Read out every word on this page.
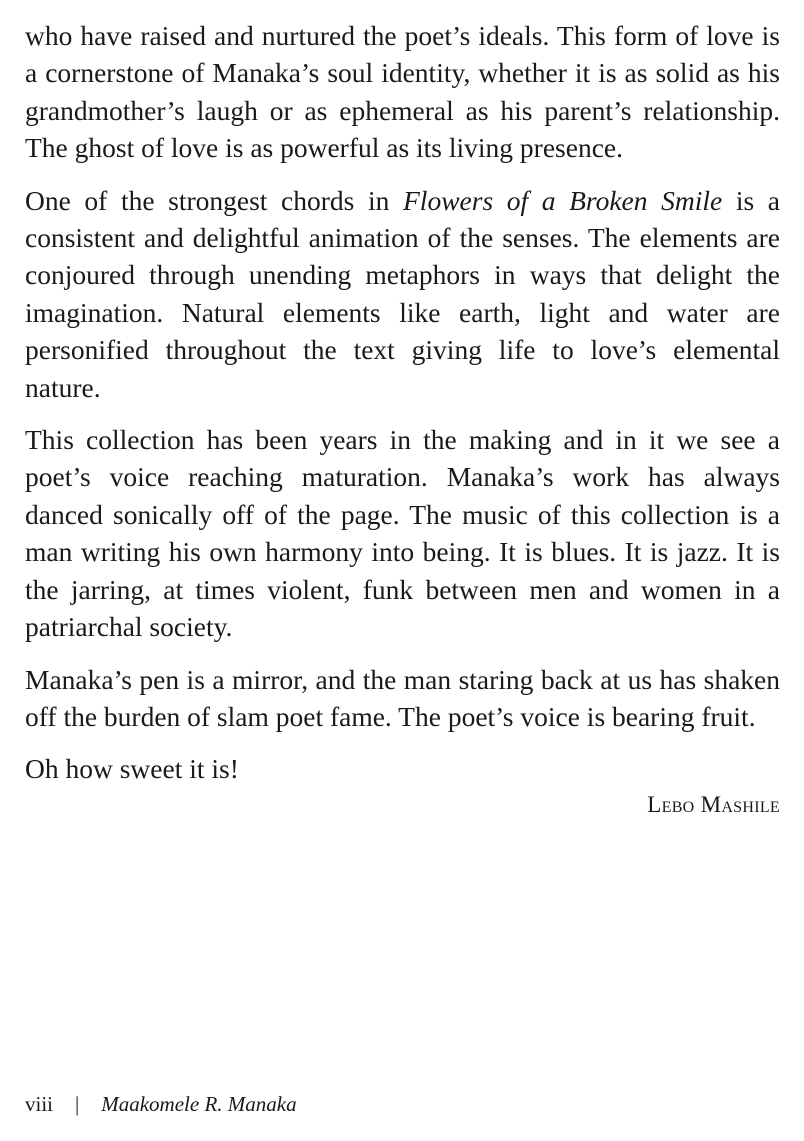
who have raised and nurtured the poet’s ideals. This form of love is a cornerstone of Manaka’s soul identity, whether it is as solid as his grandmother’s laugh or as ephemeral as his parent’s relationship. The ghost of love is as powerful as its living presence.

One of the strongest chords in Flowers of a Broken Smile is a consistent and delightful animation of the senses. The elements are conjoured through unending metaphors in ways that delight the imagination. Natural elements like earth, light and water are personified throughout the text giving life to love’s elemental nature.

This collection has been years in the making and in it we see a poet’s voice reaching maturation. Manaka’s work has always danced sonically off of the page. The music of this collection is a man writing his own harmony into being. It is blues. It is jazz. It is the jarring, at times violent, funk between men and women in a patriarchal society.

Manaka’s pen is a mirror, and the man staring back at us has shaken off the burden of slam poet fame. The poet’s voice is bearing fruit.

Oh how sweet it is!

Lebo Mashile
viii | Maakomele R. Manaka
